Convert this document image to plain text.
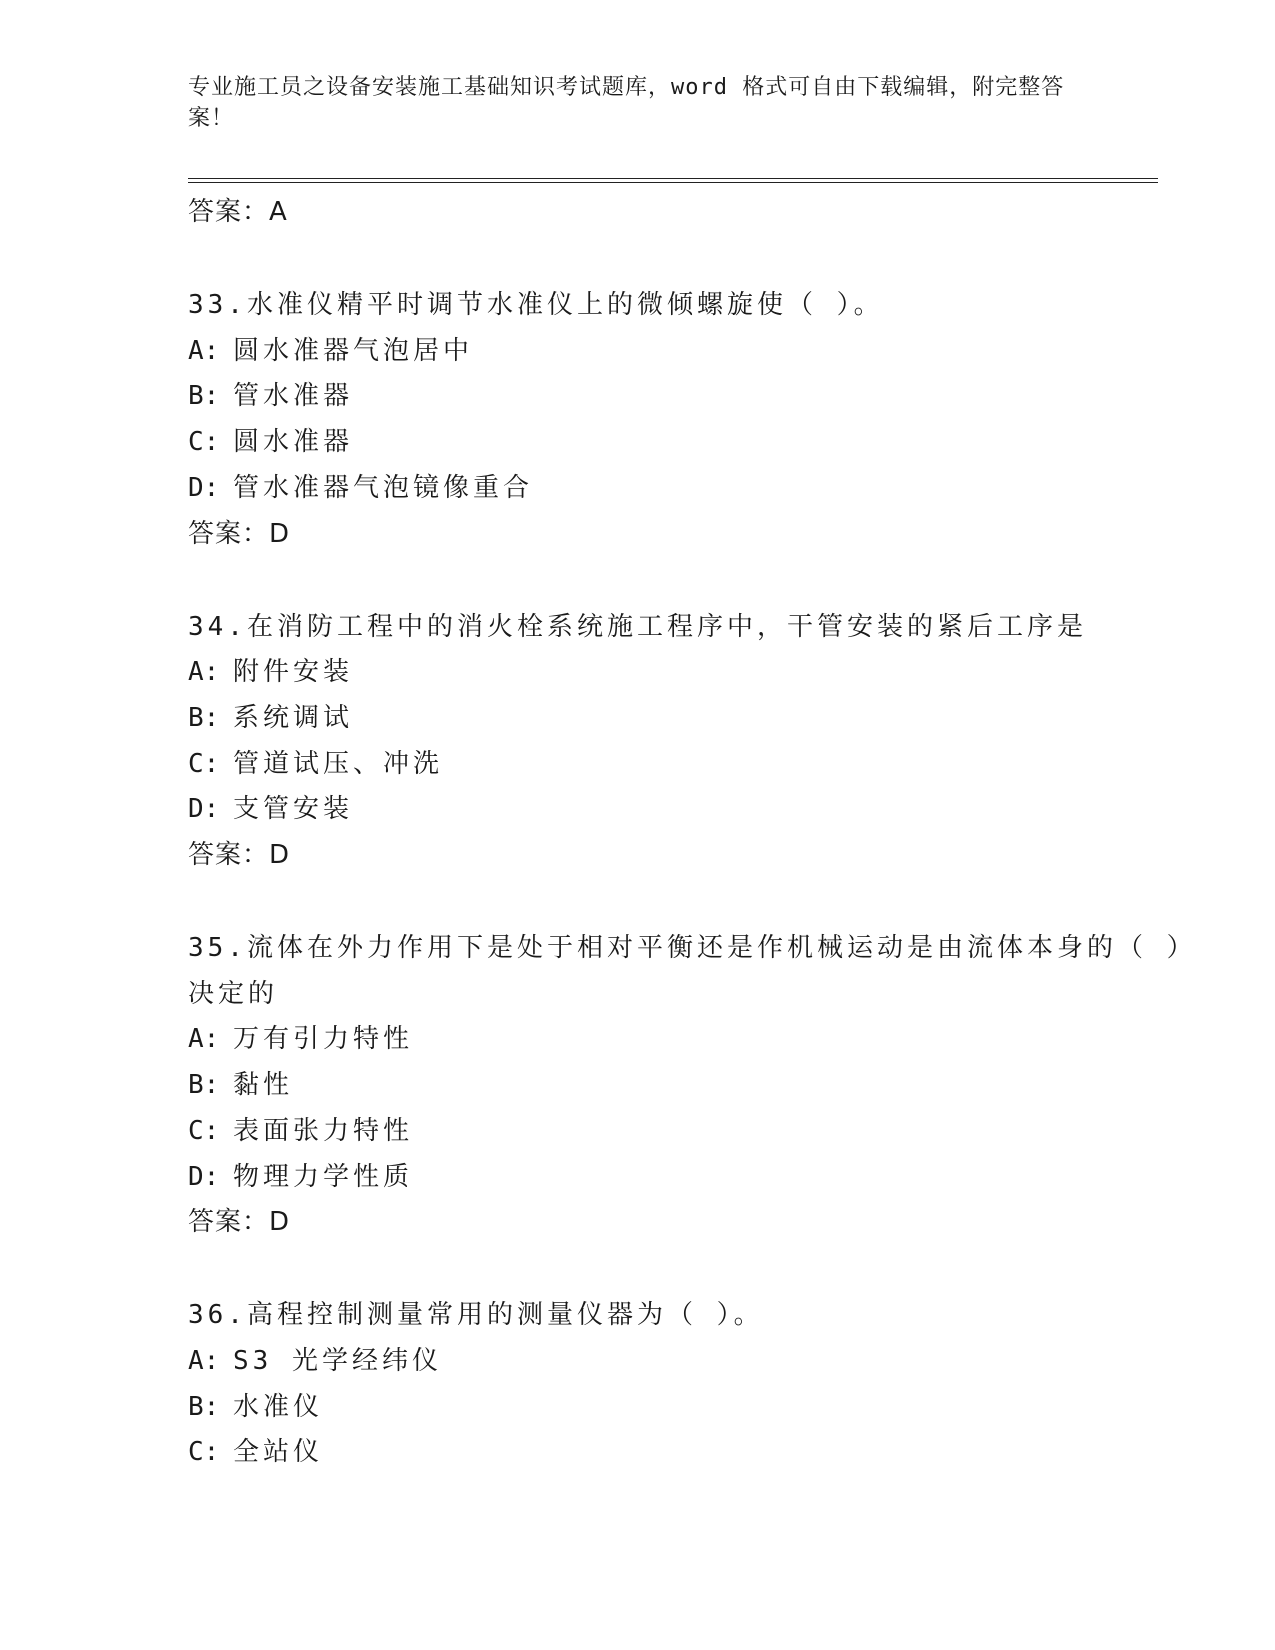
专业施工员之设备安装施工基础知识考试题库，word 格式可自由下载编辑，附完整答案！
答案：A
33.水准仪精平时调节水准仪上的微倾螺旋使（ ）。
A: 圆水准器气泡居中
B: 管水准器
C: 圆水准器
D: 管水准器气泡镜像重合
答案：D
34.在消防工程中的消火栓系统施工程序中，干管安装的紧后工序是
A: 附件安装
B: 系统调试
C: 管道试压、冲洗
D: 支管安装
答案：D
35.流体在外力作用下是处于相对平衡还是作机械运动是由流体本身的（ ）决定的
A: 万有引力特性
B: 黏性
C: 表面张力特性
D: 物理力学性质
答案：D
36.高程控制测量常用的测量仪器为（ ）。
A: S3 光学经纬仪
B: 水准仪
C: 全站仪
